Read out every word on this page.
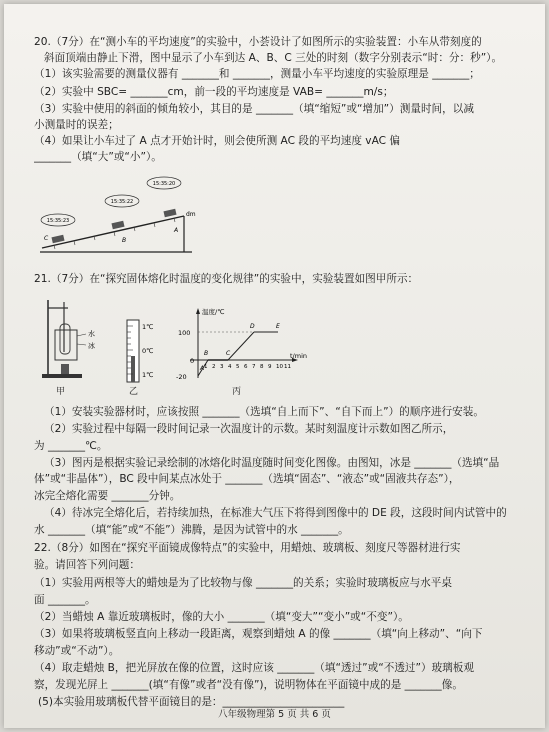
20.（7分）在“测小车的平均速度”的实验中，小荟设计了如图所示的实验装置：小车从带刻度的
斜面顶端由静止下滑，图中显示了小车到达 A、B、C 三处的时刻（数字分别表示“时：分：秒”）。
（1）该实验需要的测量仪器有 _______和 _______，测量小车平均速度的实验原理是 _______；
（2）实验中 SBC= _______cm，前一段的平均速度是 VAB= _______m/s；
（3）实验中使用的斜面的倾角较小，其目的是 _______（填“缩短”或“增加”）测量时间，以减
小测量时的误差；
（4）如果让小车过了 A 点才开始计时，则会使所测 AC 段的平均速度 vAC 偏
_______（填“大”或“小”）。
dm
A
B
C
15:35:20
15:35:22
15:35:23
21.（7分）在“探究固体熔化时温度的变化规律”的实验中，实验装置如图甲所示：
水
冰
甲
1℃
0℃
1℃
乙
温度/℃
t/min
100
0
-20
A
B	C
D	E
1 2 3 4 5 6 7 8 9 10 11
丙
（1）安装实验器材时，应该按照 _______（选填“自上而下”、“自下而上”）的顺序进行安装。
（2）实验过程中每隔一段时间记录一次温度计的示数。某时刻温度计示数如图乙所示，
为 _______℃。
（3）图丙是根据实验记录绘制的冰熔化时温度随时间变化图像。由图知，冰是 _______（选填“晶
体”或“非晶体”），BC 段中间某点冰处于 _______（选填“固态”、“液态”或“固液共存态”），
冰完全熔化需要 _______分钟。
（4）待冰完全熔化后，若持续加热，在标准大气压下将得到图像中的 DE 段，这段时间内试管中的
水 _______（填“能”或“不能”）沸腾，是因为试管中的水 _______。
22.（8分）如图在“探究平面镜成像特点”的实验中，用蜡烛、玻璃板、刻度尺等器材进行实
验。请回答下列问题：
（1）实验用两根等大的蜡烛是为了比较物与像 _______的关系；实验时玻璃板应与水平桌
面 _______。
（2）当蜡烛 A 靠近玻璃板时，像的大小 _______（填“变大”“变小”或“不变”）。
（3）如果将玻璃板竖直向上移动一段距离，观察到蜡烛 A 的像 _______（填“向上移动”、“向下
移动”或“不动”）。
（4）取走蜡烛 B，把光屏放在像的位置，这时应该 _______（填“透过”或“不透过”）玻璃板观
察，发现光屏上 _______(填“有像”或者“没有像”)，说明物体在平面镜中成的是 _______像。
(5)本实验用玻璃板代替平面镜目的是：_______________________
八年级物理第 5 页 共 6 页
